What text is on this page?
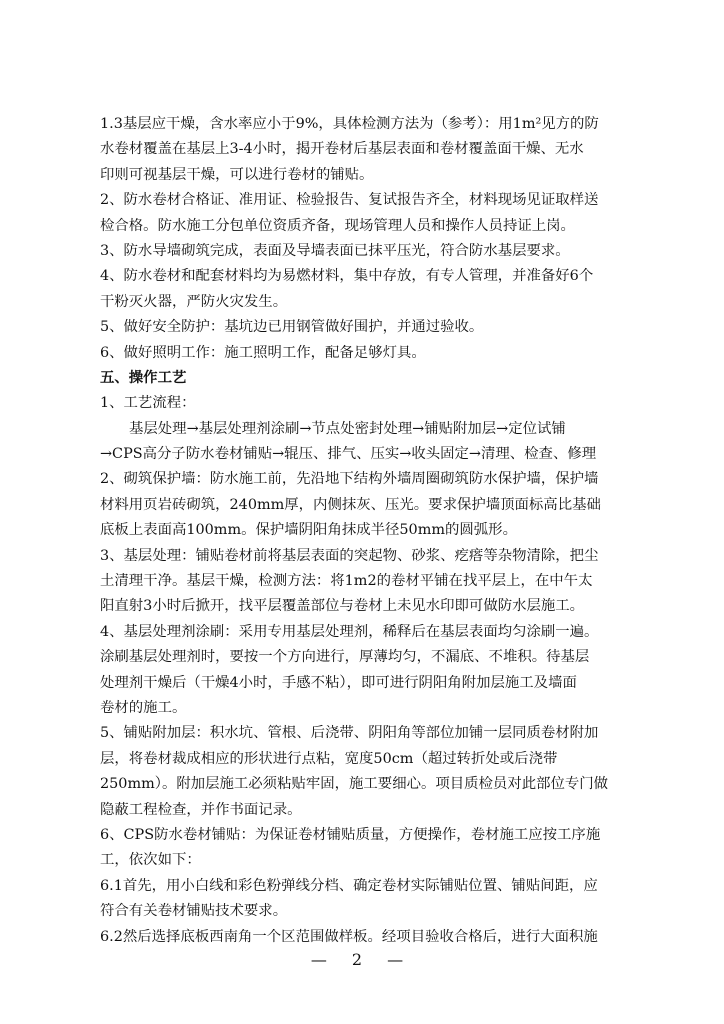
1.3基层应干燥，含水率应小于9%，具体检测方法为（参考）：用1m²见方的防
水卷材覆盖在基层上3-4小时，揭开卷材后基层表面和卷材覆盖面干燥、无水
印则可视基层干燥，可以进行卷材的铺贴。
2、防水卷材合格证、准用证、检验报告、复试报告齐全，材料现场见证取样送
检合格。防水施工分包单位资质齐备，现场管理人员和操作人员持证上岗。
3、防水导墙砌筑完成，表面及导墙表面已抹平压光，符合防水基层要求。
4、防水卷材和配套材料均为易燃材料，集中存放，有专人管理，并准备好6个
干粉灭火器，严防火灾发生。
5、做好安全防护：基坑边已用钢管做好围护，并通过验收。
6、做好照明工作：施工照明工作，配备足够灯具。
五、操作工艺
1、工艺流程：
基层处理→基层处理剂涂刷→节点处密封处理→铺贴附加层→定位试铺
→CPS高分子防水卷材铺贴→辊压、排气、压实→收头固定→清理、检查、修理
2、砌筑保护墙：防水施工前，先沿地下结构外墙周圈砌筑防水保护墙，保护墙
材料用页岩砖砌筑，240mm厚，内侧抹灰、压光。要求保护墙顶面标高比基础
底板上表面高100mm。保护墙阴阳角抹成半径50mm的圆弧形。
3、基层处理：铺贴卷材前将基层表面的突起物、砂浆、疙瘩等杂物清除，把尘
土清理干净。基层干燥，检测方法：将1m2的卷材平铺在找平层上，在中午太
阳直射3小时后掀开，找平层覆盖部位与卷材上未见水印即可做防水层施工。
4、基层处理剂涂刷：采用专用基层处理剂，稀释后在基层表面均匀涂刷一遍。
涂刷基层处理剂时，要按一个方向进行，厚薄均匀，不漏底、不堆积。待基层
处理剂干燥后（干燥4小时，手感不粘），即可进行阴阳角附加层施工及墙面
卷材的施工。
5、铺贴附加层：积水坑、管根、后浇带、阴阳角等部位加铺一层同质卷材附加
层，将卷材裁成相应的形状进行点粘，宽度50cm（超过转折处或后浇带
250mm）。附加层施工必须粘贴牢固，施工要细心。项目质检员对此部位专门做
隐蔽工程检查，并作书面记录。
6、CPS防水卷材铺贴：为保证卷材铺贴质量，方便操作，卷材施工应按工序施
工，依次如下：
6.1首先，用小白线和彩色粉弹线分档、确定卷材实际铺贴位置、铺贴间距，应
符合有关卷材铺贴技术要求。
6.2然后选择底板西南角一个区范围做样板。经项目验收合格后，进行大面积施
— 2 —
